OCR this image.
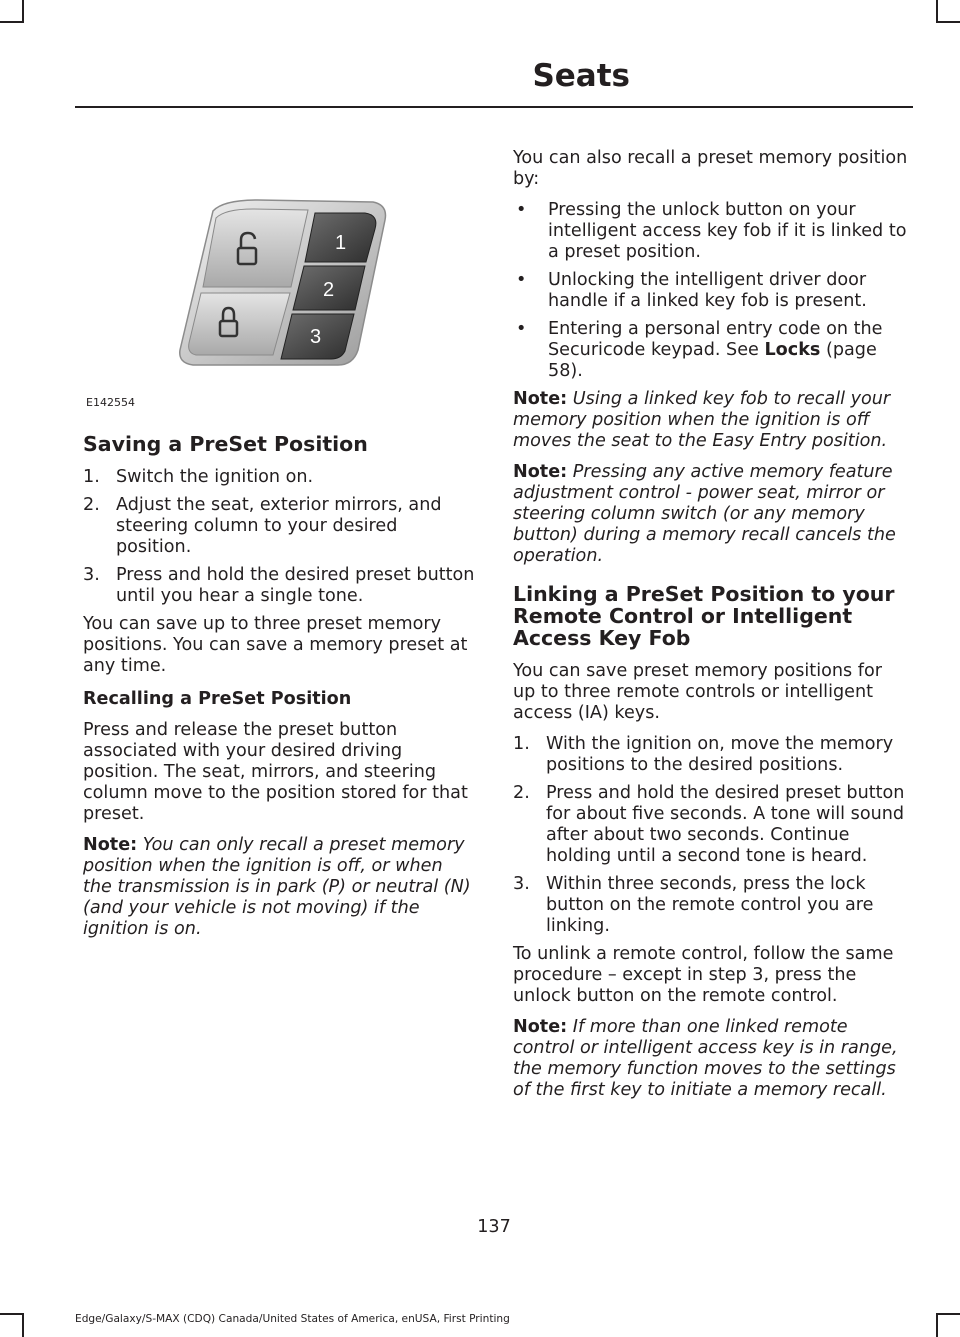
Seats
1
2
3
E142554
Saving a PreSet Position
1. Switch the ignition on.
2. Adjust the seat, exterior mirrors, and steering column to your desired position.
3. Press and hold the desired preset button until you hear a single tone.

You can save up to three preset memory positions. You can save a memory preset at any time.

Recalling a PreSet Position

Press and release the preset button associated with your desired driving position. The seat, mirrors, and steering column move to the position stored for that preset.

Note: You can only recall a preset memory position when the ignition is off, or when the transmission is in park (P) or neutral (N) (and your vehicle is not moving) if the ignition is on.

You can also recall a preset memory position by:

•	Pressing the unlock button on your intelligent access key fob if it is linked to a preset position.
•	Unlocking the intelligent driver door handle if a linked key fob is present.
•	Entering a personal entry code on the Securicode keypad. See Locks (page 58).

Note: Using a linked key fob to recall your memory position when the ignition is off moves the seat to the Easy Entry position.

Note: Pressing any active memory feature adjustment control - power seat, mirror or steering column switch (or any memory button) during a memory recall cancels the operation.

Linking a PreSet Position to your Remote Control or Intelligent Access Key Fob

You can save preset memory positions for up to three remote controls or intelligent access (IA) keys.

1. With the ignition on, move the memory positions to the desired positions.
2. Press and hold the desired preset button for about five seconds. A tone will sound after about two seconds. Continue holding until a second tone is heard.
3. Within three seconds, press the lock button on the remote control you are linking.

To unlink a remote control, follow the same procedure – except in step 3, press the unlock button on the remote control.

Note: If more than one linked remote control or intelligent access key is in range, the memory function moves to the settings of the first key to initiate a memory recall.

137
Edge/Galaxy/S-MAX (CDQ) Canada/United States of America, enUSA, First Printing
